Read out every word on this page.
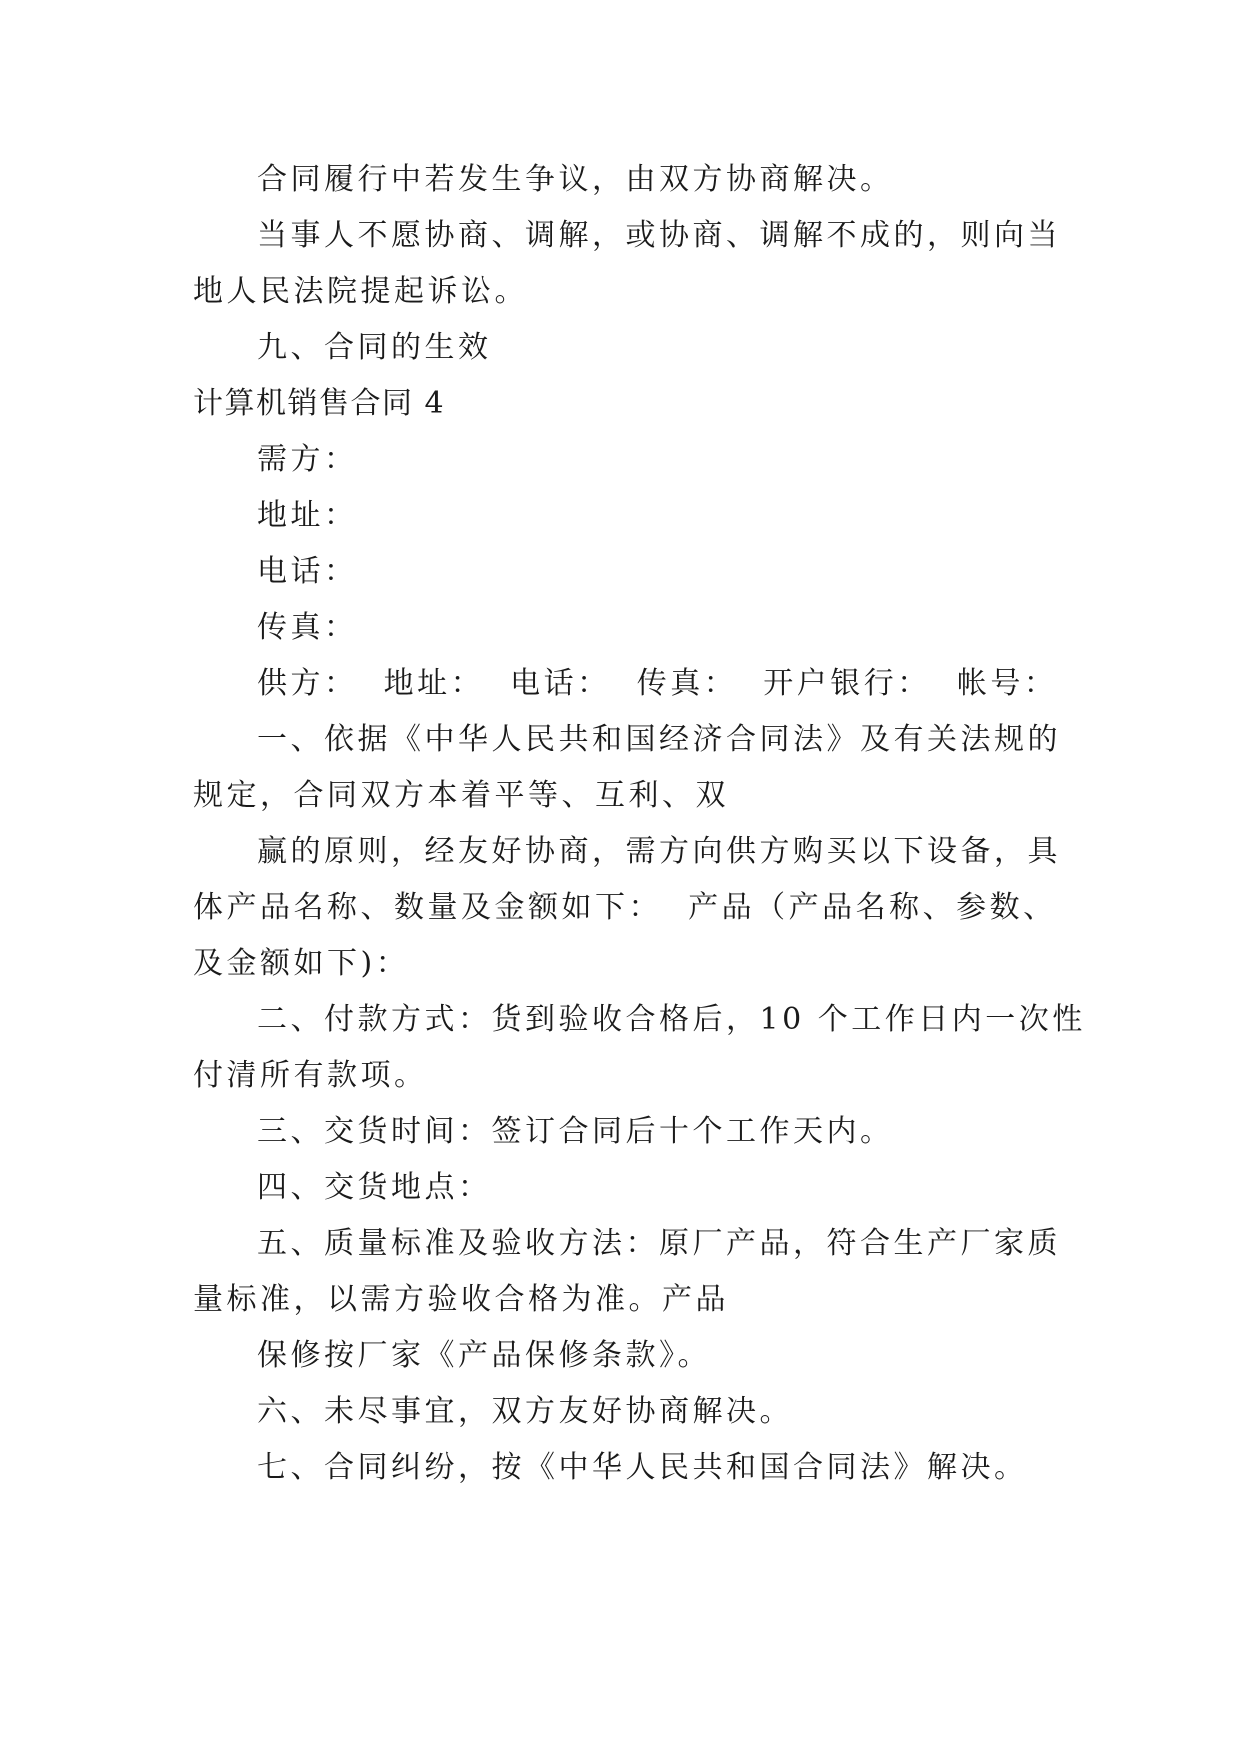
合同履行中若发生争议，由双方协商解决。

当事人不愿协商、调解，或协商、调解不成的，则向当

地人民法院提起诉讼。

九、合同的生效

计算机销售合同 4

需方：

地址：

电话：

传真：

供方：  地址：  电话：  传真：  开户银行：  帐号：

一、依据《中华人民共和国经济合同法》及有关法规的

规定，合同双方本着平等、互利、双

赢的原则，经友好协商，需方向供方购买以下设备，具

体产品名称、数量及金额如下：  产品（产品名称、参数、

及金额如下)：

二、付款方式：货到验收合格后，10 个工作日内一次性

付清所有款项。

三、交货时间：签订合同后十个工作天内。

四、交货地点：

五、质量标准及验收方法：原厂产品，符合生产厂家质

量标准，以需方验收合格为准。产品

保修按厂家《产品保修条款》。

六、未尽事宜，双方友好协商解决。

七、合同纠纷，按《中华人民共和国合同法》解决。
